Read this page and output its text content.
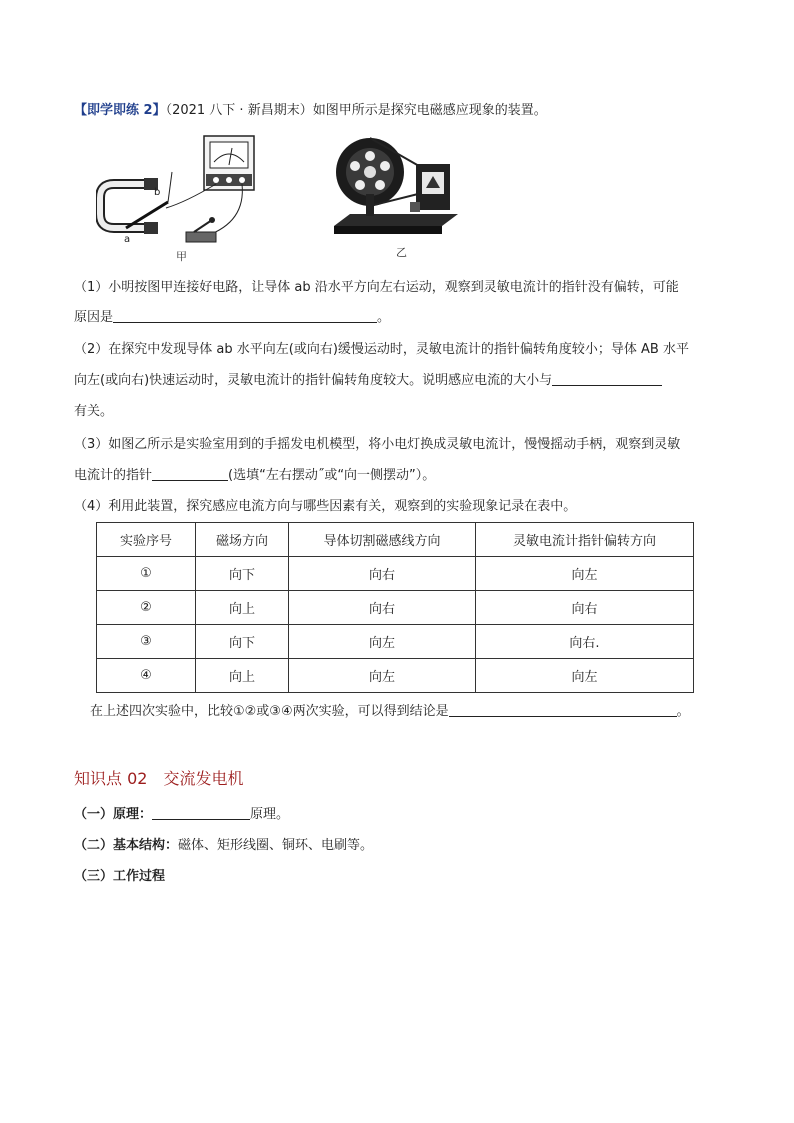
【即学即练 2】（2021 八下 · 新昌期末）如图甲所示是探究电磁感应现象的装置。
b
a
甲	乙
（1）小明按图甲连接好电路，让导体 ab 沿水平方向左右运动，观察到灵敏电流计的指针没有偏转，可能
原因是	。
（2）在探究中发现导体 ab 水平向左(或向右)缓慢运动时，灵敏电流计的指针偏转角度较小；导体 AB 水平
向左(或向右)快速运动时，灵敏电流计的指针偏转角度较大。说明感应电流的大小与
有关。
（3）如图乙所示是实验室用到的手摇发电机模型，将小电灯换成灵敏电流计，慢慢摇动手柄，观察到灵敏
电流计的指针	(选填“左右摆动˝或“向一侧摆动”）。
（4）利用此装置，探究感应电流方向与哪些因素有关，观察到的实验现象记录在表中。
实验序号	磁场方向	导体切割磁感线方向	灵敏电流计指针偏转方向
①	向下	向右	向左
②	向上	向右	向右
③	向下	向左	向右.
④	向上	向左	向左
在上述四次实验中，比较①②或③④两次实验，可以得到结论是	。
知识点 02　交流发电机
（一）原理：	原理。
（二）基本结构：磁体、矩形线圈、铜环、电刷等。
（三）工作过程
